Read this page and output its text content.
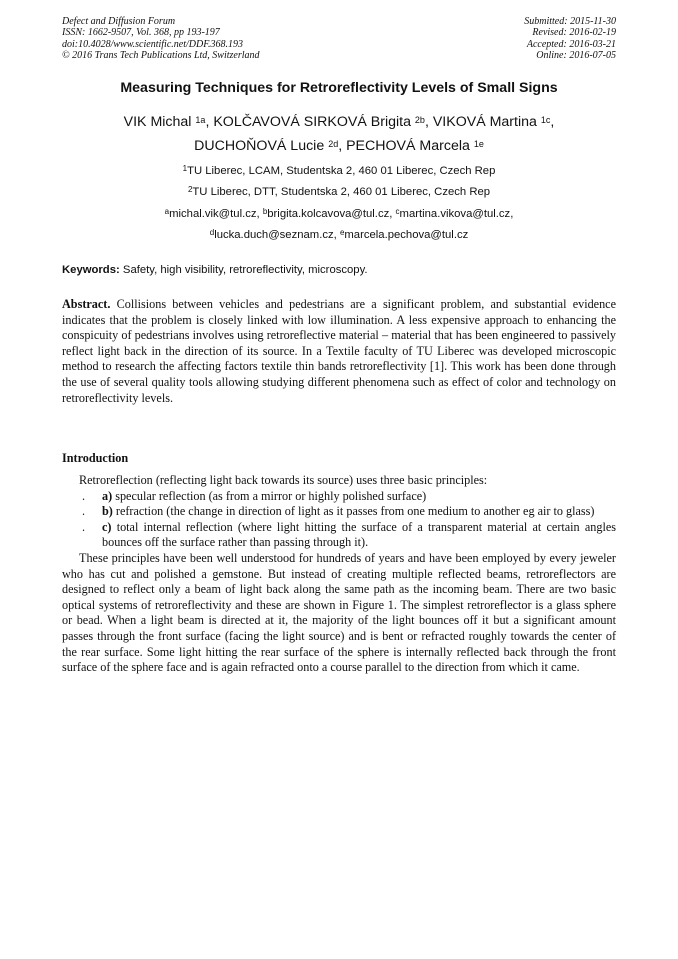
Defect and Diffusion Forum
ISSN: 1662-9507, Vol. 368, pp 193-197
doi:10.4028/www.scientific.net/DDF.368.193
© 2016 Trans Tech Publications Ltd, Switzerland
Submitted: 2015-11-30
Revised: 2016-02-19
Accepted: 2016-03-21
Online: 2016-07-05
Measuring Techniques for Retroreflectivity Levels of Small Signs
VIK Michal $^{1a}$, KOLČAVOVÁ SIRKOVÁ Brigita $^{2b}$, VIKOVÁ Martina $^{1c}$,
DUCHOŇOVÁ Lucie $^{2d}$, PECHOVÁ Marcela $^{1e}$
$^1$TU Liberec, LCAM, Studentska 2, 460 01 Liberec, Czech Rep
$^2$TU Liberec, DTT, Studentska 2, 460 01 Liberec, Czech Rep
$^a$michal.vik@tul.cz, $^b$brigita.kolcavova@tul.cz, $^c$martina.vikova@tul.cz,
$^d$lucka.duch@seznam.cz, $^e$marcela.pechova@tul.cz
Keywords: Safety, high visibility, retroreflectivity, microscopy.
Abstract. Collisions between vehicles and pedestrians are a significant problem, and substantial evidence indicates that the problem is closely linked with low illumination. A less expensive approach to enhancing the conspicuity of pedestrians involves using retroreflective material – material that has been engineered to passively reflect light back in the direction of its source. In a Textile faculty of TU Liberec was developed microscopic method to research the affecting factors textile thin bands retroreflectivity [1]. This work has been done through the use of several quality tools allowing studying different phenomena such as effect of color and technology on retroreflectivity levels.
Introduction
Retroreflection (reflecting light back towards its source) uses three basic principles:
. a) specular reflection (as from a mirror or highly polished surface)
. b) refraction (the change in direction of light as it passes from one medium to another eg air to glass)
. c) total internal reflection (where light hitting the surface of a transparent material at certain angles bounces off the surface rather than passing through it).

These principles have been well understood for hundreds of years and have been employed by every jeweler who has cut and polished a gemstone. But instead of creating multiple reflected beams, retroreflectors are designed to reflect only a beam of light back along the same path as the incoming beam. There are two basic optical systems of retroreflectivity and these are shown in Figure 1. The simplest retroreflector is a glass sphere or bead. When a light beam is directed at it, the majority of the light bounces off it but a significant amount passes through the front surface (facing the light source) and is bent or refracted roughly towards the center of the rear surface. Some light hitting the rear surface of the sphere is internally reflected back through the front surface of the sphere face and is again refracted onto a course parallel to the direction from which it came.
